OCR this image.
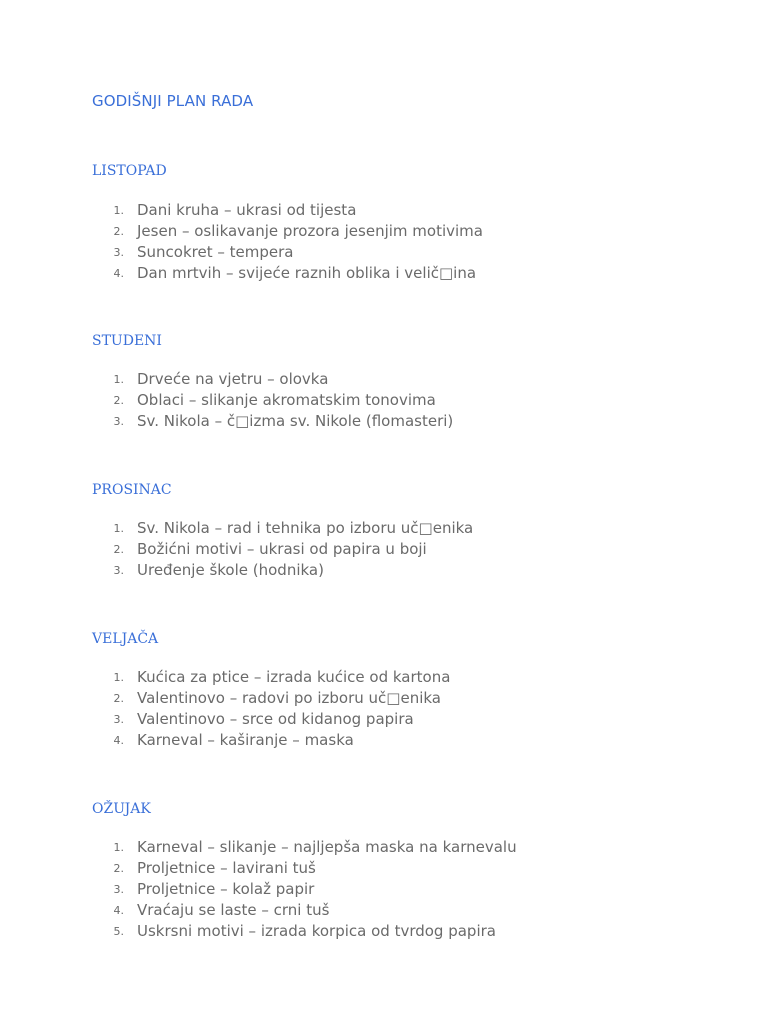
GODIŠNJI PLAN RADA
LISTOPAD
1. Dani kruha – ukrasi od tijesta
2. Jesen – oslikavanje prozora jesenjim motivima
3. Suncokret – tempera
4. Dan mrtvih – svijeće raznih oblika i velič□ina
STUDENI
1. Drveće na vjetru – olovka
2. Oblaci – slikanje akromatskim tonovima
3. Sv. Nikola – č□izma sv. Nikole (flomasteri)
PROSINAC
1. Sv. Nikola – rad i tehnika po izboru uč□enika
2. Božićni motivi – ukrasi od papira u boji
3. Uređenje škole (hodnika)
VELJAČA
1. Kućica za ptice – izrada kućice od kartona
2. Valentinovo – radovi po izboru uč□enika
3. Valentinovo – srce od kidanog papira
4. Karneval – kaširanje – maska
OŽUJAK
1. Karneval – slikanje – najljepša maska na karnevalu
2. Proljetnice – lavirani tuš
3. Proljetnice – kolaž papir
4. Vraćaju se laste – crni tuš
5. Uskrsni motivi – izrada korpica od tvrdog papira
